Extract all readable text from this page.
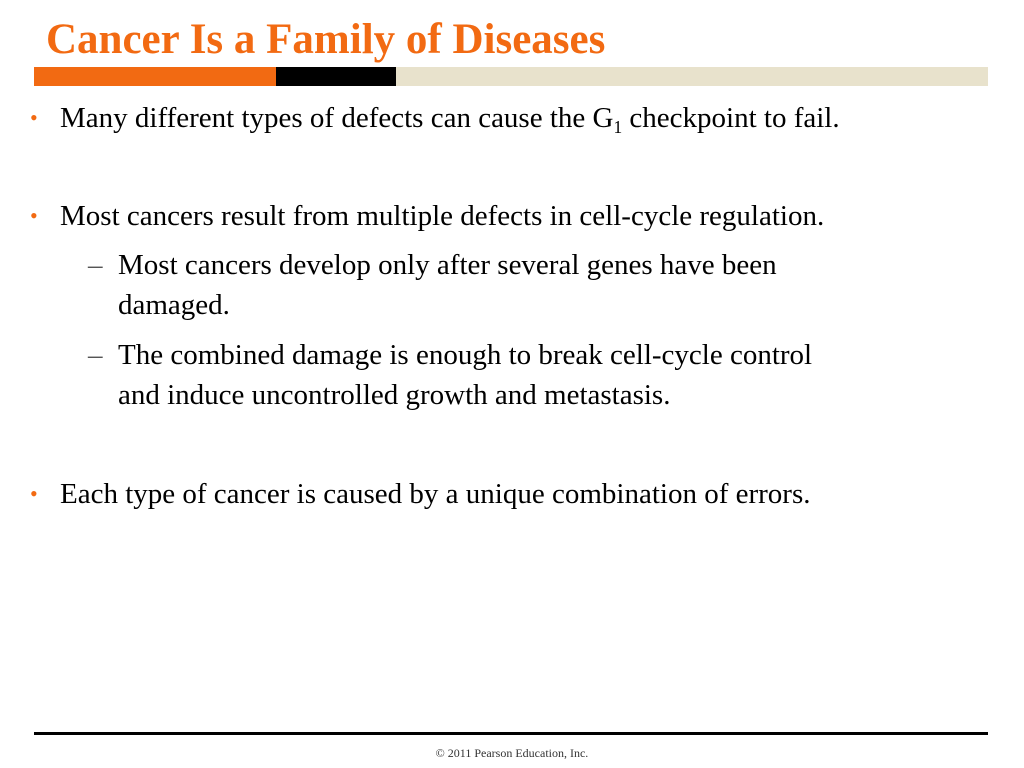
Cancer Is a Family of Diseases
• Many different types of defects can cause the $G_1$ checkpoint to fail.
• Most cancers result from multiple defects in cell-cycle regulation.
– Most cancers develop only after several genes have been
damaged.
– The combined damage is enough to break cell-cycle control
and induce uncontrolled growth and metastasis.
• Each type of cancer is caused by a unique combination of errors.
© 2011 Pearson Education, Inc.
